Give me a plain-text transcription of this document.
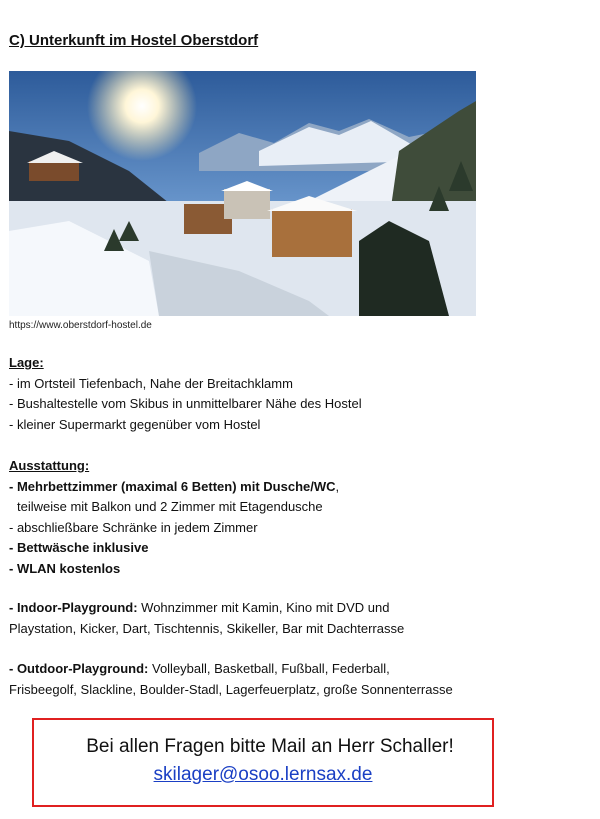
C) Unterkunft im Hostel Oberstdorf
https://www.oberstdorf-hostel.de

Lage:

- im Ortsteil Tiefenbach, Nahe der Breitachklamm

- Bushaltestelle vom Skibus in unmittelbarer Nähe des Hostel

- kleiner Supermarkt gegenüber vom Hostel

Ausstattung:

- Mehrbettzimmer (maximal 6 Betten) mit Dusche/WC,

teilweise mit Balkon und 2 Zimmer mit Etagendusche

- abschließbare Schränke in jedem Zimmer

- Bettwäsche inklusive

- WLAN kostenlos

- Indoor-Playground: Wohnzimmer mit Kamin, Kino mit DVD und

Playstation, Kicker, Dart, Tischtennis, Skikeller, Bar mit Dachterrasse

- Outdoor-Playground: Volleyball, Basketball, Fußball, Federball,

Frisbeegolf, Slackline, Boulder-Stadl, Lagerfeuerplatz, große Sonnenterrasse

Bei allen Fragen bitte Mail an Herr Schaller!
skilager@osoo.lernsax.de
